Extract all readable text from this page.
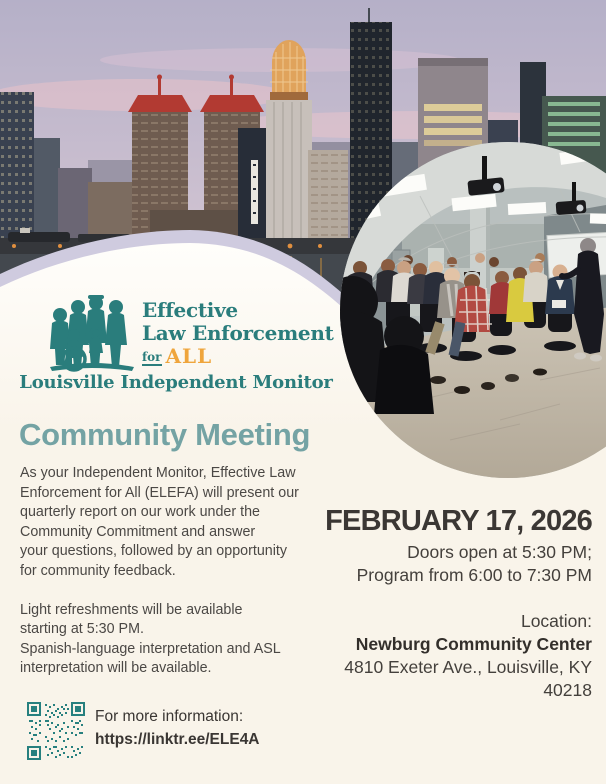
Effective
Law Enforcement
for ALL
Louisville Independent Monitor
Community Meeting
As your Independent Monitor, Effective Law
Enforcement for All (ELEFA) will present our
quarterly report on our work under the
Community Commitment and answer
your questions, followed by an opportunity
for community feedback.
Light refreshments will be available
starting at 5:30 PM.
Spanish-language interpretation and ASL
interpretation will be available.
FEBRUARY 17, 2026
Doors open at 5:30 PM;
Program from 6:00 to 7:30 PM
Location:
Newburg Community Center
4810 Exeter Ave., Louisville, KY
40218
For more information:
https://linktr.ee/ELE4A
